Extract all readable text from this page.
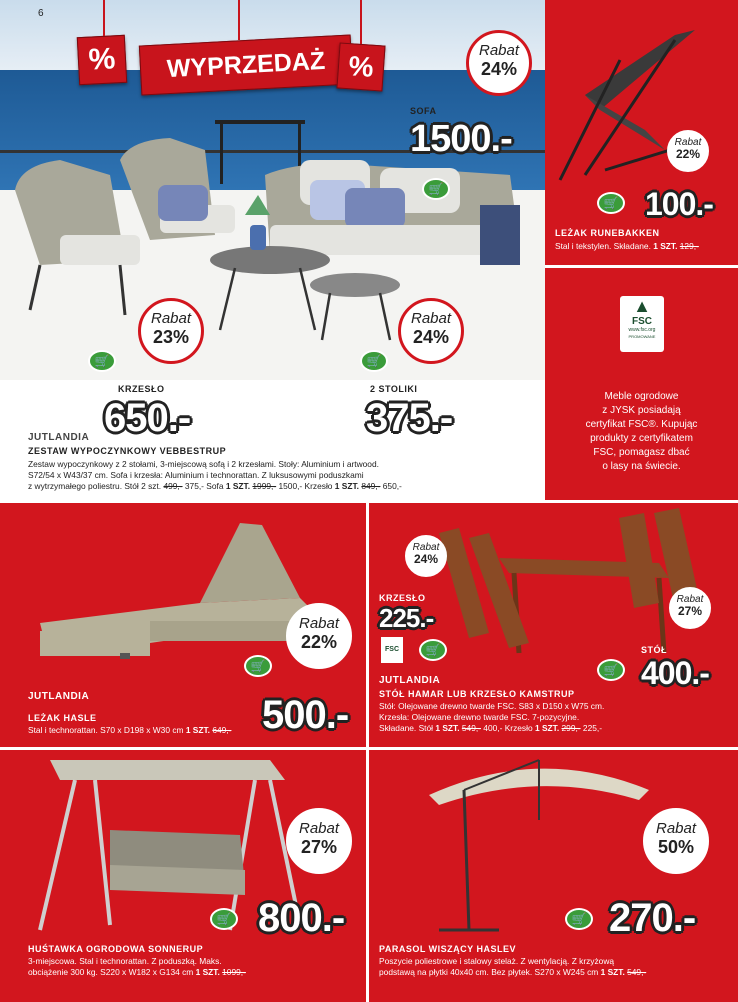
6
%	WYPRZEDAŻ %	Rabat
24%
SOFA
1500.-
🛒
Rabat
23%
🛒
KRZESŁO
650.-
Rabat
24%
🛒
2 STOLIKI
375.-
JUTLANDIA
ZESTAW WYPOCZYNKOWY VEBBESTRUP
Zestaw wypoczynkowy z 2 stołami, 3-miejscową sofą i 2 krzesłami. Stoły: Aluminium i artwood.
S72/54 x W43/37 cm. Sofa i krzesła: Aluminium i technorattan. Z luksusowymi poduszkami
z wytrzymałego poliestru. Stół 2 szt. 499,- 375,- Sofa 1 SZT. 1999,- 1500,- Krzesło 1 SZT. 849,- 650,-
Rabat
22%
🛒 100.-
LEŻAK RUNEBAKKEN
Stal i tekstylen. Składane. 1 SZT. 129,-
▲
FSC
www.fsc.org
PROMOWANE
Meble ogrodowe
z JYSK posiadają
certyfikat FSC®. Kupując
produkty z certyfikatem
FSC, pomagasz dbać
o lasy na świecie.
Rabat
22%
🛒
JUTLANDIA
LEŻAK HASLE
Stal i technorattan. S70 x D198 x W30 cm 1 SZT. 649,- 500.-
Rabat
24%
KRZESŁO
225.-
FSC	🛒
Rabat
27%
STÓŁ
🛒 400.-
JUTLANDIA
STÓŁ HAMAR LUB KRZESŁO KAMSTRUP
Stół: Olejowane drewno twarde FSC. S83 x D150 x W75 cm.
Krzesła: Olejowane drewno twarde FSC. 7-pozycyjne.
Składane. Stół 1 SZT. 549,- 400,- Krzesło 1 SZT. 299,- 225,-
Rabat
27%
🛒 800.-
HUŚTAWKA OGRODOWA SONNERUP
3-miejscowa. Stal i technorattan. Z poduszką. Maks.
obciążenie 300 kg. S220 x W182 x G134 cm 1 SZT. 1099,-
Rabat
50%
🛒 270.-
PARASOL WISZĄCY HASLEV
Poszycie poliestrowe i stalowy stelaż. Z wentylacją. Z krzyżową
podstawą na płytki 40x40 cm. Bez płytek. S270 x W245 cm 1 SZT. 549,-
